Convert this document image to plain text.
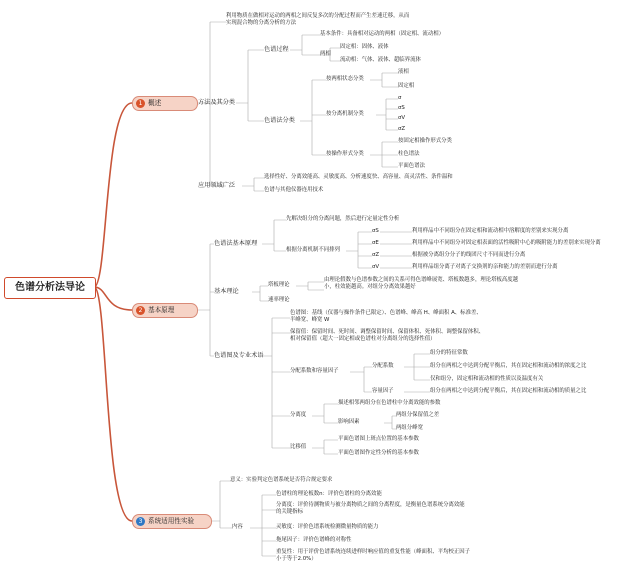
色谱分析法导论
1 概述
2 基本原理
3 系统适用性实验
利用物质在做相对运动的两相之间反复多次的分配过程而产生差速迁移，从而实现混合物的分离分析的方法
方法及其分类
色谱过程
基本条件：具备相对运动的两相（固定相、流动相）
两相
固定相：固体、液体
流动相：气体、液体、超临界流体
色谱法分类
按两相状态分类
液相
固定相
按分离机制分类
σ
σS
σV
σZ
按操作形式分类
按固定相操作形式分类
柱色谱法
平面色谱法
应用领域广泛
选择性好、分离效能高、灵敏度高、分析速度快、高容量、高灵活性、条件温和
色谱与其他仪器连用技术
色谱法基本原理
先解决组分的分离问题，然后进行定量定性分析
根据分离机制不同排列
σS	利用样品中不同组分在固定相和流动相中溶解度的差别来实现分离
σE	利用样品中不同组分对固定相表面的活性吸附中心的吸附能力的差别来实现分离
σZ	根据被分离组分分子的线团尺寸不同而进行分离
σV	利用样品组分离子对离子交换剂的亲和能力的差别而进行分离
基本理论
塔板理论
由理论假数与色谱参数之间的关系可得色谱峰展宽、塔板数越多，理论塔板高度越小，柱效能越高。对组分分离效果越好
速率理论
色谱图及专业术语
色谱图：基线（仪器与操作条件已限定）、色谱峰、峰高 H、峰面积 A、标准差、半峰宽、峰宽 W
保留值：保留时间、死时间、调整保留时间、保留体积、死体积、调整保留体积、相对保留值（超大一固定相或色谱柱对分离组分的选择性值）
分配系数和容量因子
分配系数
组分的特征常数
组分在两相之中达到分配平衡后，其在固定相和流动相的浓度之比
仅和组分，固定相和流动相的性质以及温度有关
容量因子	组分在两相之中达到分配平衡后，其在固定相和流动相的质量之比
分离度
描述相邻两组分在色谱柱中分离效能的参数
影响因素
两组分保留值之差
两组分峰宽
比移值
平面色谱图上斑点位置的基本参数
平面色谱图作定性分析的基本参数
意义：实验判定色谱系统是否符合规定要求
内容
色谱柱的理论板数n：评价色谱柱的分离效能
分离度：评价待测物质与被分离物质之间的分离程度，是衡量色谱系统分离效能的关键指标
灵敏度：评价色谱系统检测微量物质的能力
拖尾因子：评价色谱峰的对称性
重复性：用于评价色谱系统连续进样时响应值的重复性能（峰面积、平均校正因子小于等于2.0%）
